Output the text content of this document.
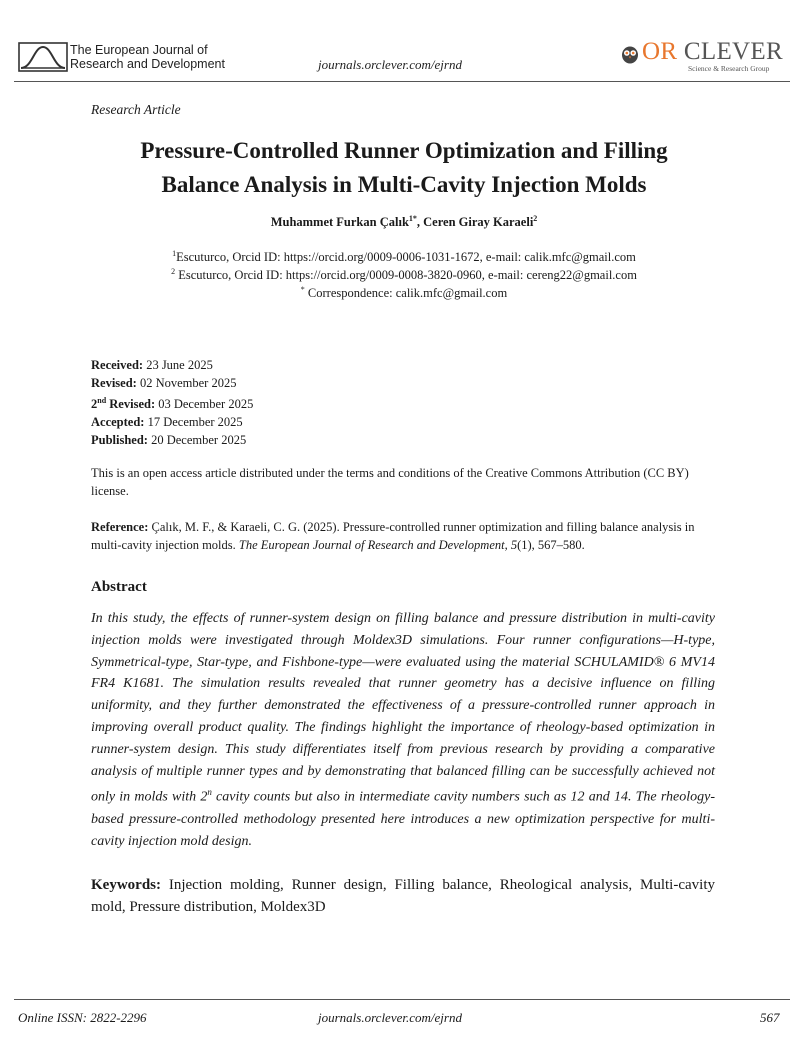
The European Journal of
Research and Development	journals.orclever.com/ejrnd	OR CLEVER
Science & Research Group
Research Article
Pressure-Controlled Runner Optimization and Filling
Balance Analysis in Multi-Cavity Injection Molds
Muhammet Furkan Çalık$^{1*}$, Ceren Giray Karaeli$^2$
$^1$Escuturco, Orcid ID: https://orcid.org/0009-0006-1031-1672, e-mail: calik.mfc@gmail.com
$^2$ Escuturco, Orcid ID: https://orcid.org/0009-0008-3820-0960, e-mail: cereng22@gmail.com
* Correspondence: calik.mfc@gmail.com
Received: 23 June 2025
Revised: 02 November 2025
2nd Revised: 03 December 2025
Accepted: 17 December 2025
Published: 20 December 2025
This is an open access article distributed under the terms and conditions of the Creative Commons Attribution (CC BY) license.
Reference: Çalık, M. F., & Karaeli, C. G. (2025). Pressure-controlled runner optimization and filling balance analysis in multi-cavity injection molds. The European Journal of Research and Development, 5(1), 567–580.
Abstract
In this study, the effects of runner-system design on filling balance and pressure distribution in multi-cavity injection molds were investigated through Moldex3D simulations. Four runner configurations—H-type, Symmetrical-type, Star-type, and Fishbone-type—were evaluated using the material SCHULAMID® 6 MV14 FR4 K1681. The simulation results revealed that runner geometry has a decisive influence on filling uniformity, and they further demonstrated the effectiveness of a pressure-controlled runner approach in improving overall product quality. The findings highlight the importance of rheology-based optimization in runner-system design. This study differentiates itself from previous research by providing a comparative analysis of multiple runner types and by demonstrating that balanced filling can be successfully achieved not only in molds with 2$^n$ cavity counts but also in intermediate cavity numbers such as 12 and 14. The rheology-based pressure-controlled methodology presented here introduces a new optimization perspective for multi-cavity injection mold design.
Keywords: Injection molding, Runner design, Filling balance, Rheological analysis, Multi-cavity mold, Pressure distribution, Moldex3D
Online ISSN: 2822-2296	journals.orclever.com/ejrnd	567
